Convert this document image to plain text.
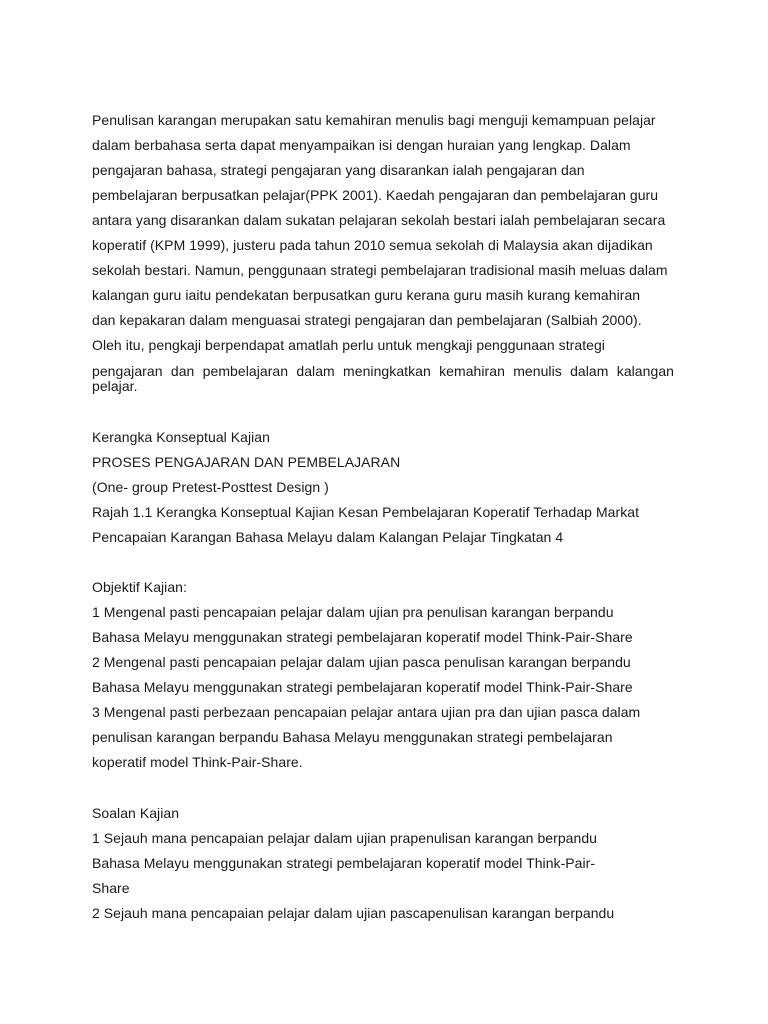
Penulisan karangan merupakan satu kemahiran menulis bagi menguji kemampuan pelajar
dalam berbahasa serta dapat menyampaikan isi dengan huraian yang lengkap. Dalam
pengajaran bahasa, strategi pengajaran yang disarankan ialah pengajaran dan
pembelajaran berpusatkan pelajar(PPK 2001). Kaedah pengajaran dan pembelajaran guru
antara yang disarankan dalam sukatan pelajaran sekolah bestari ialah pembelajaran secara
koperatif (KPM 1999), justeru pada tahun 2010 semua sekolah di Malaysia akan dijadikan
sekolah bestari. Namun, penggunaan strategi pembelajaran tradisional masih meluas dalam
kalangan guru iaitu pendekatan berpusatkan guru kerana guru masih kurang kemahiran
dan kepakaran dalam menguasai strategi pengajaran dan pembelajaran (Salbiah 2000).
Oleh itu, pengkaji berpendapat amatlah perlu untuk mengkaji penggunaan strategi
pengajaran dan pembelajaran dalam meningkatkan kemahiran menulis dalam kalangan
pelajar.
Kerangka Konseptual Kajian
PROSES PENGAJARAN DAN PEMBELAJARAN
(One- group Pretest-Posttest Design )
Rajah 1.1 Kerangka Konseptual Kajian Kesan Pembelajaran Koperatif Terhadap Markat
Pencapaian Karangan Bahasa Melayu dalam Kalangan Pelajar Tingkatan 4
Objektif Kajian:
1 Mengenal pasti pencapaian pelajar dalam ujian pra penulisan karangan berpandu
Bahasa Melayu menggunakan strategi pembelajaran koperatif model Think-Pair-Share
2 Mengenal pasti pencapaian pelajar dalam ujian pasca penulisan karangan berpandu
Bahasa Melayu menggunakan strategi pembelajaran koperatif model Think-Pair-Share
3 Mengenal pasti perbezaan pencapaian pelajar antara ujian pra dan ujian pasca dalam
penulisan karangan berpandu Bahasa Melayu menggunakan strategi pembelajaran
koperatif model Think-Pair-Share.
Soalan Kajian
1 Sejauh mana pencapaian pelajar dalam ujian prapenulisan karangan berpandu
Bahasa Melayu menggunakan strategi pembelajaran koperatif model Think-Pair-
Share
2 Sejauh mana pencapaian pelajar dalam ujian pascapenulisan karangan berpandu
